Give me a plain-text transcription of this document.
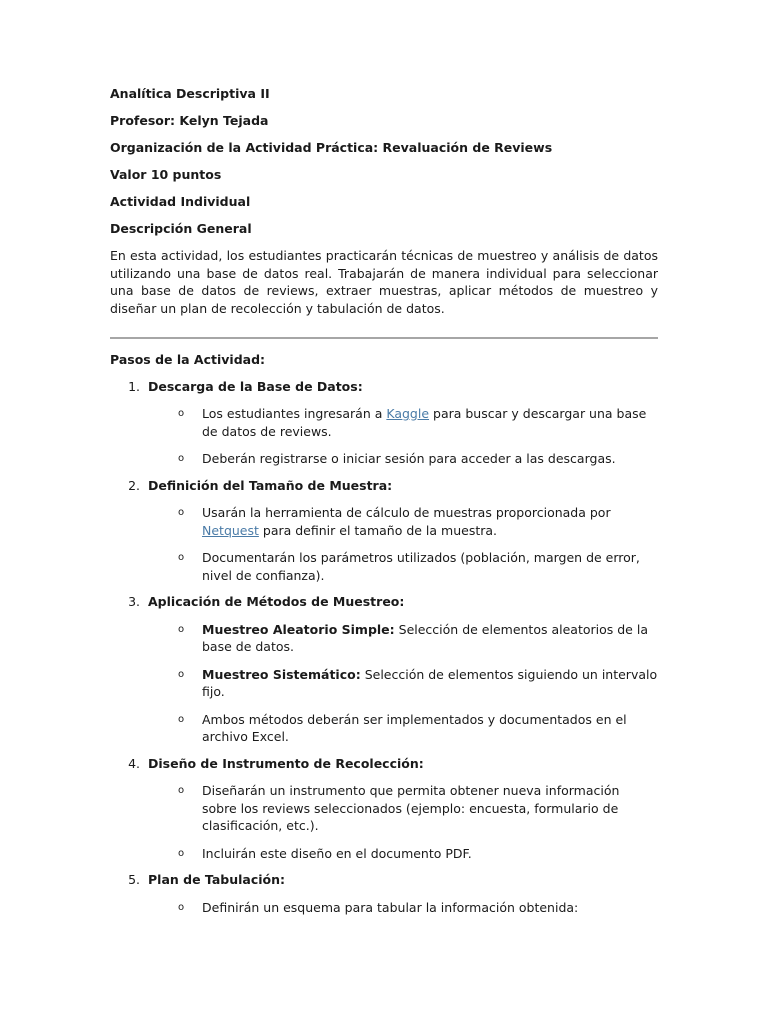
Analítica Descriptiva II

Profesor: Kelyn Tejada

Organización de la Actividad Práctica: Revaluación de Reviews

Valor 10 puntos

Actividad Individual

Descripción General

En esta actividad, los estudiantes practicarán técnicas de muestreo y análisis de datos utilizando una base de datos real. Trabajarán de manera individual para seleccionar una base de datos de reviews, extraer muestras, aplicar métodos de muestreo y diseñar un plan de recolección y tabulación de datos.

Pasos de la Actividad:

1. Descarga de la Base de Datos:
o	Los estudiantes ingresarán a Kaggle para buscar y descargar una base de datos de reviews.
o	Deberán registrarse o iniciar sesión para acceder a las descargas.
2. Definición del Tamaño de Muestra:
o	Usarán la herramienta de cálculo de muestras proporcionada por Netquest para definir el tamaño de la muestra.
o	Documentarán los parámetros utilizados (población, margen de error, nivel de confianza).
3. Aplicación de Métodos de Muestreo:
o	Muestreo Aleatorio Simple: Selección de elementos aleatorios de la base de datos.
o	Muestreo Sistemático: Selección de elementos siguiendo un intervalo fijo.
o	Ambos métodos deberán ser implementados y documentados en el archivo Excel.
4. Diseño de Instrumento de Recolección:
o	Diseñarán un instrumento que permita obtener nueva información sobre los reviews seleccionados (ejemplo: encuesta, formulario de clasificación, etc.).
o	Incluirán este diseño en el documento PDF.
5. Plan de Tabulación:
o	Definirán un esquema para tabular la información obtenida:
